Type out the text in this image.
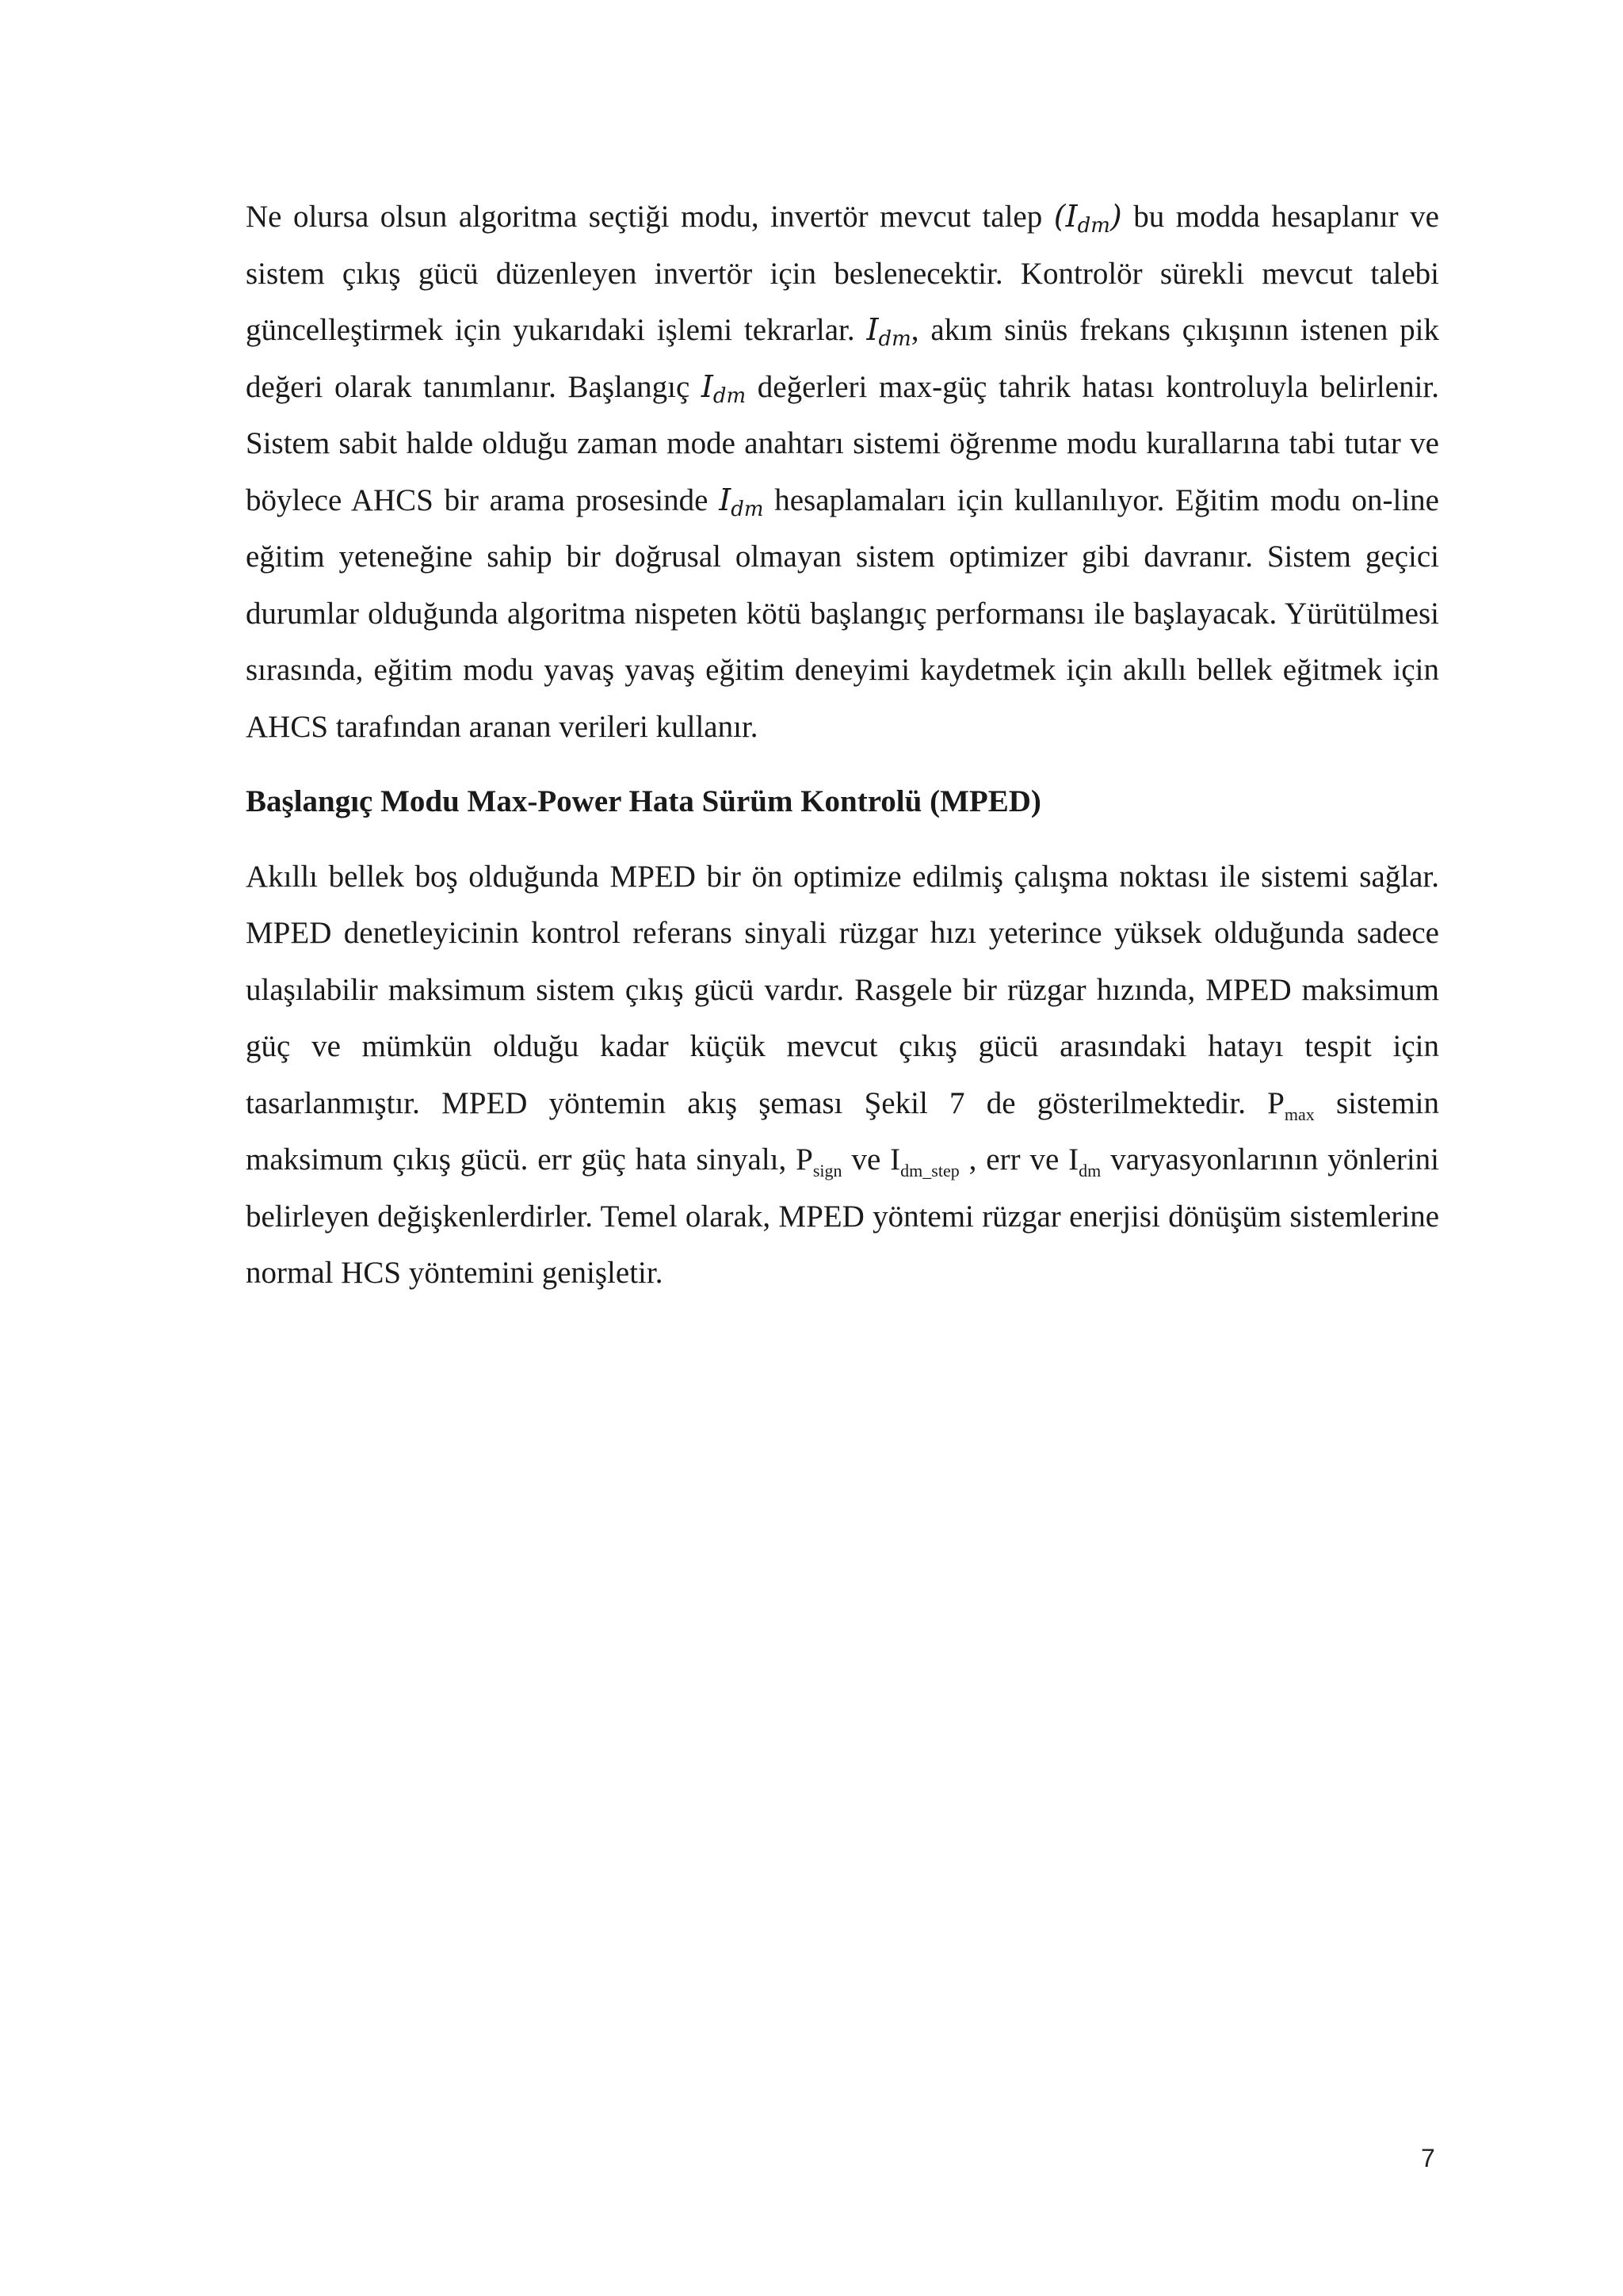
Ne olursa olsun algoritma seçtiği modu, invertör mevcut talep $(I_{dm})$ bu modda hesaplanır ve sistem çıkış gücü düzenleyen invertör için beslenecektir. Kontrolör sürekli mevcut talebi güncelleştirmek için yukarıdaki işlemi tekrarlar. $I_{dm}$, akım sinüs frekans çıkışının istenen pik değeri olarak tanımlanır. Başlangıç $I_{dm}$ değerleri max-güç tahrik hatası kontroluyla belirlenir. Sistem sabit halde olduğu zaman mode anahtarı sistemi öğrenme modu kurallarına tabi tutar ve böylece AHCS bir arama prosesinde $I_{dm}$ hesaplamaları için kullanılıyor. Eğitim modu on-line eğitim yeteneğine sahip bir doğrusal olmayan sistem optimizer gibi davranır. Sistem geçici durumlar olduğunda algoritma nispeten kötü başlangıç performansı ile başlayacak. Yürütülmesi sırasında, eğitim modu yavaş yavaş eğitim deneyimi kaydetmek için akıllı bellek eğitmek için AHCS tarafından aranan verileri kullanır.

Başlangıç Modu Max-Power Hata Sürüm Kontrolü (MPED)

Akıllı bellek boş olduğunda MPED bir ön optimize edilmiş çalışma noktası ile sistemi sağlar. MPED denetleyicinin kontrol referans sinyali rüzgar hızı yeterince yüksek olduğunda sadece ulaşılabilir maksimum sistem çıkış gücü vardır. Rasgele bir rüzgar hızında, MPED maksimum güç ve mümkün olduğu kadar küçük mevcut çıkış gücü arasındaki hatayı tespit için tasarlanmıştır. MPED yöntemin akış şeması Şekil 7 de gösterilmektedir. $P_{max}$ sistemin maksimum çıkış gücü. err güç hata sinyalı, $P_{sign}$ ve $I_{dm\_step}$ , err ve $I_{dm}$ varyasyonlarının yönlerini belirleyen değişkenlerdirler. Temel olarak, MPED yöntemi rüzgar enerjisi dönüşüm sistemlerine normal HCS yöntemini genişletir.

7
